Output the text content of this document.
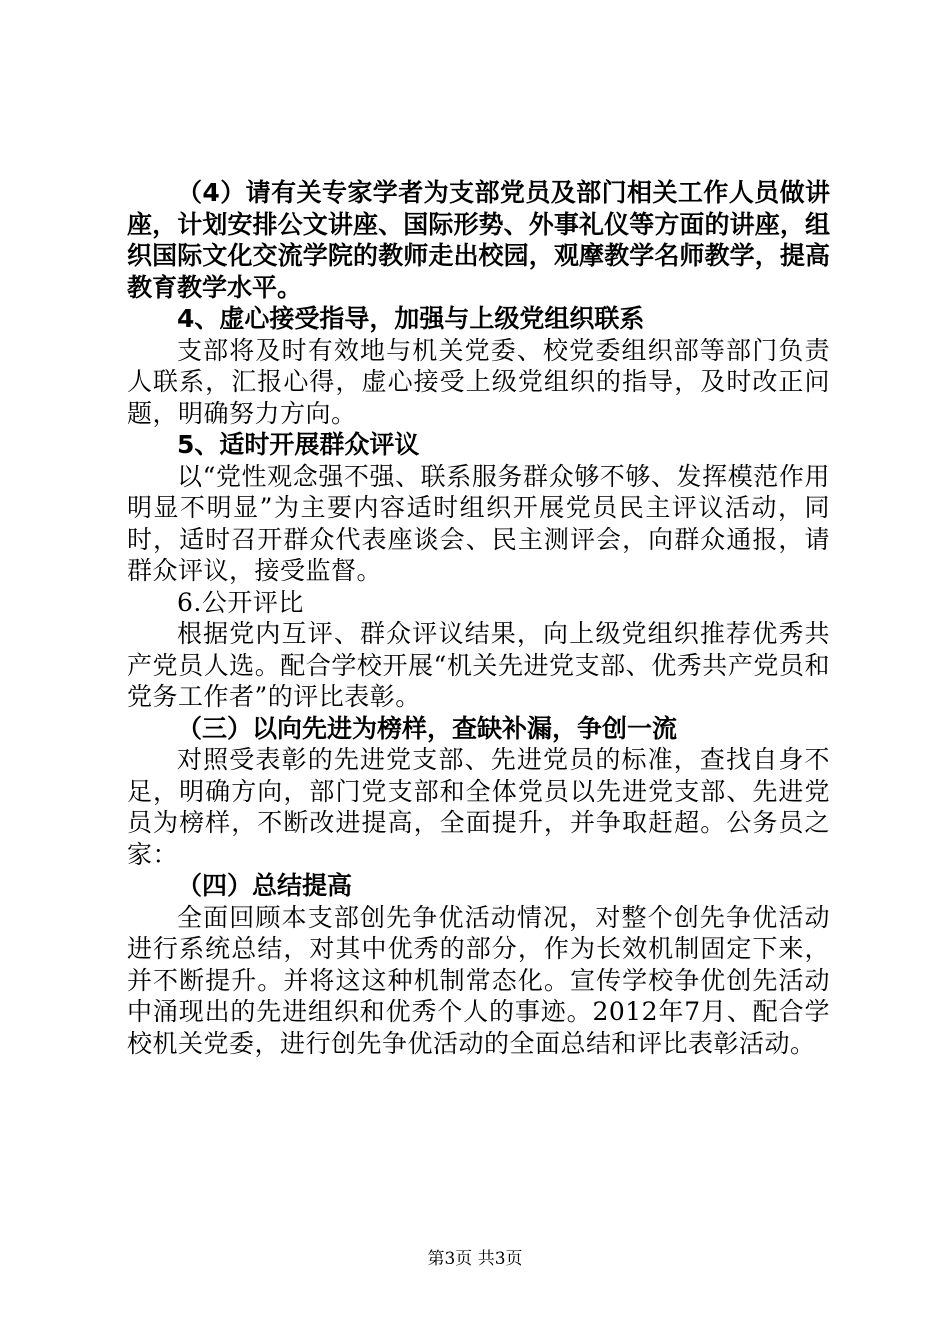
（4）请有关专家学者为支部党员及部门相关工作人员做讲座，计划安排公文讲座、国际形势、外事礼仪等方面的讲座，组织国际文化交流学院的教师走出校园，观摩教学名师教学，提高教育教学水平。

4、虚心接受指导，加强与上级党组织联系

支部将及时有效地与机关党委、校党委组织部等部门负责人联系，汇报心得，虚心接受上级党组织的指导，及时改正问题，明确努力方向。

5、适时开展群众评议

以“党性观念强不强、联系服务群众够不够、发挥模范作用明显不明显”为主要内容适时组织开展党员民主评议活动，同时，适时召开群众代表座谈会、民主测评会，向群众通报，请群众评议，接受监督。

6.公开评比

根据党内互评、群众评议结果，向上级党组织推荐优秀共产党员人选。配合学校开展“机关先进党支部、优秀共产党员和党务工作者”的评比表彰。

（三）以向先进为榜样，查缺补漏，争创一流

对照受表彰的先进党支部、先进党员的标准，查找自身不足，明确方向，部门党支部和全体党员以先进党支部、先进党员为榜样，不断改进提高，全面提升，并争取赶超。公务员之家：

（四）总结提高

全面回顾本支部创先争优活动情况，对整个创先争优活动进行系统总结，对其中优秀的部分，作为长效机制固定下来，并不断提升。并将这这种机制常态化。宣传学校争优创先活动中涌现出的先进组织和优秀个人的事迹。2012年7月、配合学校机关党委，进行创先争优活动的全面总结和评比表彰活动。

第3页 共3页
